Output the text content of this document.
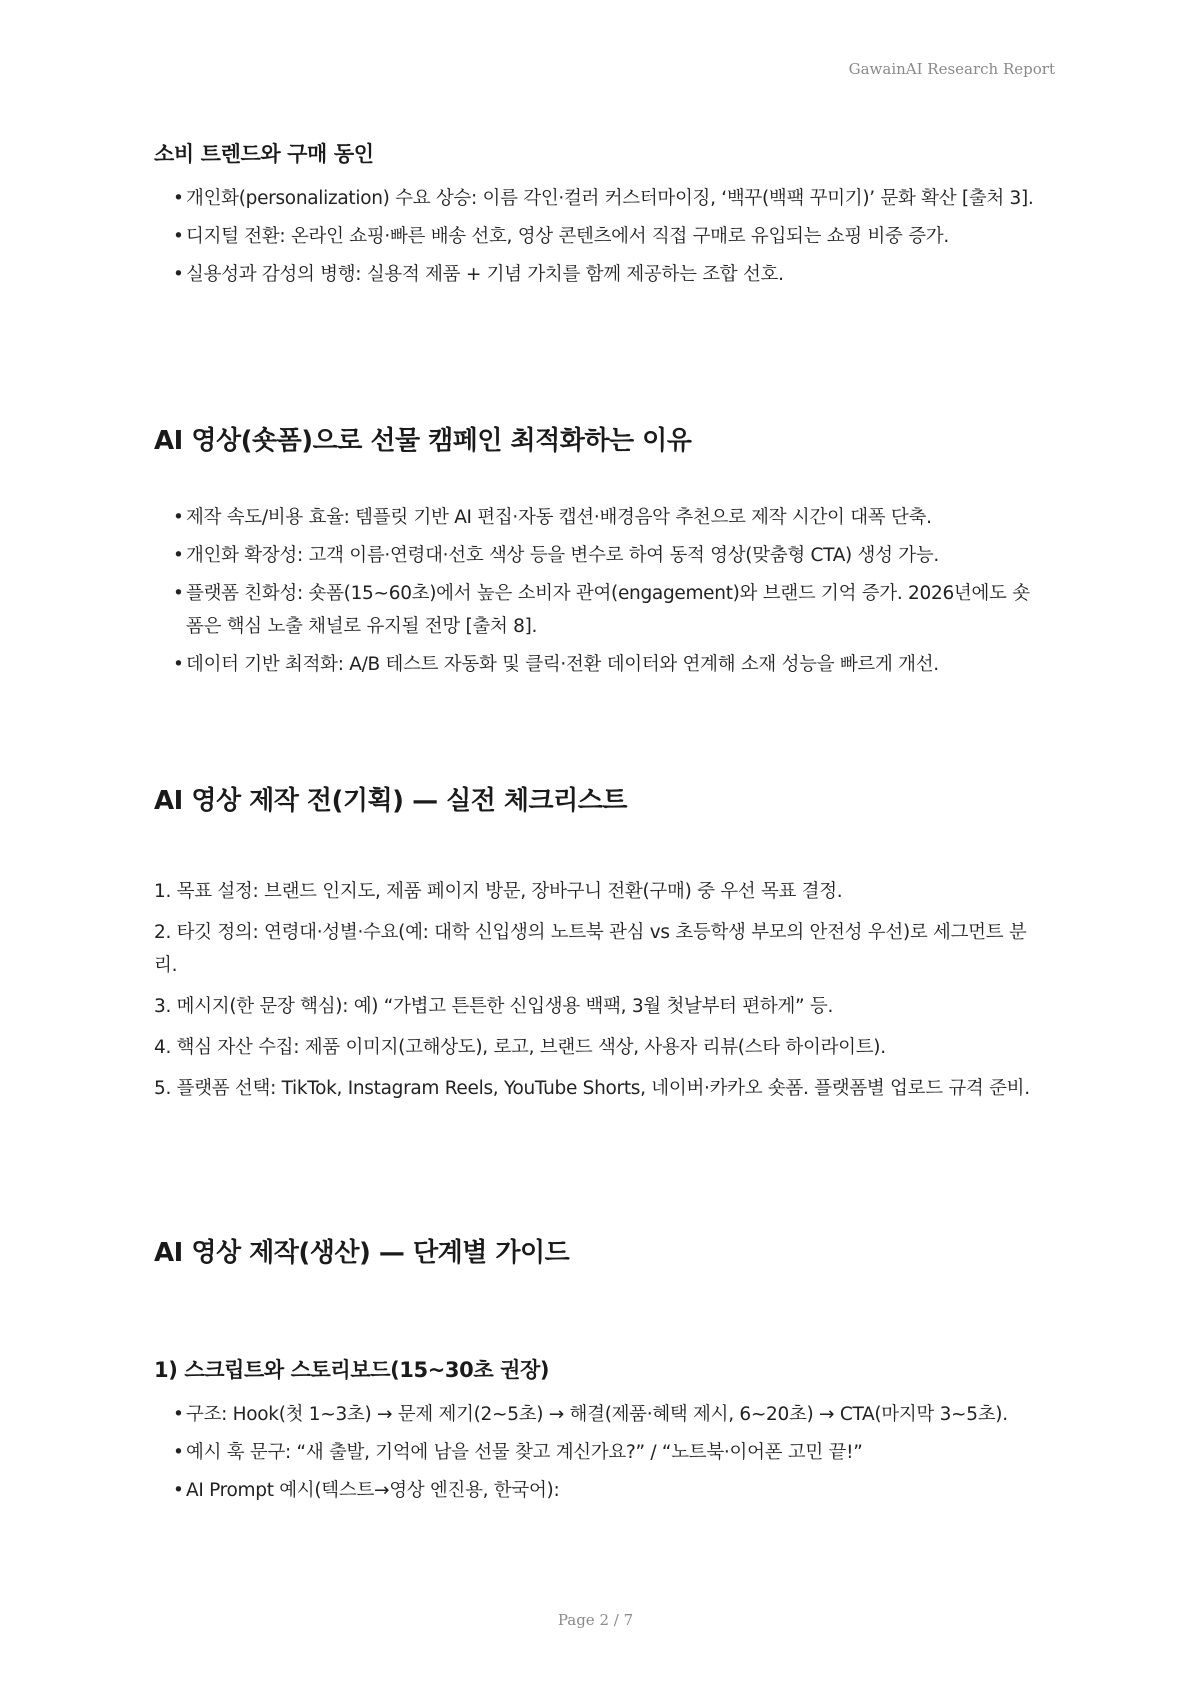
GawainAI Research Report
소비 트렌드와 구매 동인
• 개인화(personalization) 수요 상승: 이름 각인·컬러 커스터마이징, ‘백꾸(백팩 꾸미기)’ 문화 확산 [출처 3].
• 디지털 전환: 온라인 쇼핑·빠른 배송 선호, 영상 콘텐츠에서 직접 구매로 유입되는 쇼핑 비중 증가.
• 실용성과 감성의 병행: 실용적 제품 + 기념 가치를 함께 제공하는 조합 선호.
AI 영상(숏폼)으로 선물 캠페인 최적화하는 이유
• 제작 속도/비용 효율: 템플릿 기반 AI 편집·자동 캡션·배경음악 추천으로 제작 시간이 대폭 단축.
• 개인화 확장성: 고객 이름·연령대·선호 색상 등을 변수로 하여 동적 영상(맞춤형 CTA) 생성 가능.
• 플랫폼 친화성: 숏폼(15~60초)에서 높은 소비자 관여(engagement)와 브랜드 기억 증가. 2026년에도 숏폼은 핵심 노출 채널로 유지될 전망 [출처 8].
• 데이터 기반 최적화: A/B 테스트 자동화 및 클릭·전환 데이터와 연계해 소재 성능을 빠르게 개선.
AI 영상 제작 전(기획) — 실전 체크리스트
1. 목표 설정: 브랜드 인지도, 제품 페이지 방문, 장바구니 전환(구매) 중 우선 목표 결정.
2. 타깃 정의: 연령대·성별·수요(예: 대학 신입생의 노트북 관심 vs 초등학생 부모의 안전성 우선)로 세그먼트 분리.
3. 메시지(한 문장 핵심): 예) “가볍고 튼튼한 신입생용 백팩, 3월 첫날부터 편하게” 등.
4. 핵심 자산 수집: 제품 이미지(고해상도), 로고, 브랜드 색상, 사용자 리뷰(스타 하이라이트).
5. 플랫폼 선택: TikTok, Instagram Reels, YouTube Shorts, 네이버·카카오 숏폼. 플랫폼별 업로드 규격 준비.
AI 영상 제작(생산) — 단계별 가이드
1) 스크립트와 스토리보드(15~30초 권장)
• 구조: Hook(첫 1~3초) → 문제 제기(2~5초) → 해결(제품·혜택 제시, 6~20초) → CTA(마지막 3~5초).
• 예시 훅 문구: “새 출발, 기억에 남을 선물 찾고 계신가요?” / “노트북·이어폰 고민 끝!”
• AI Prompt 예시(텍스트→영상 엔진용, 한국어):
Page 2 / 7
